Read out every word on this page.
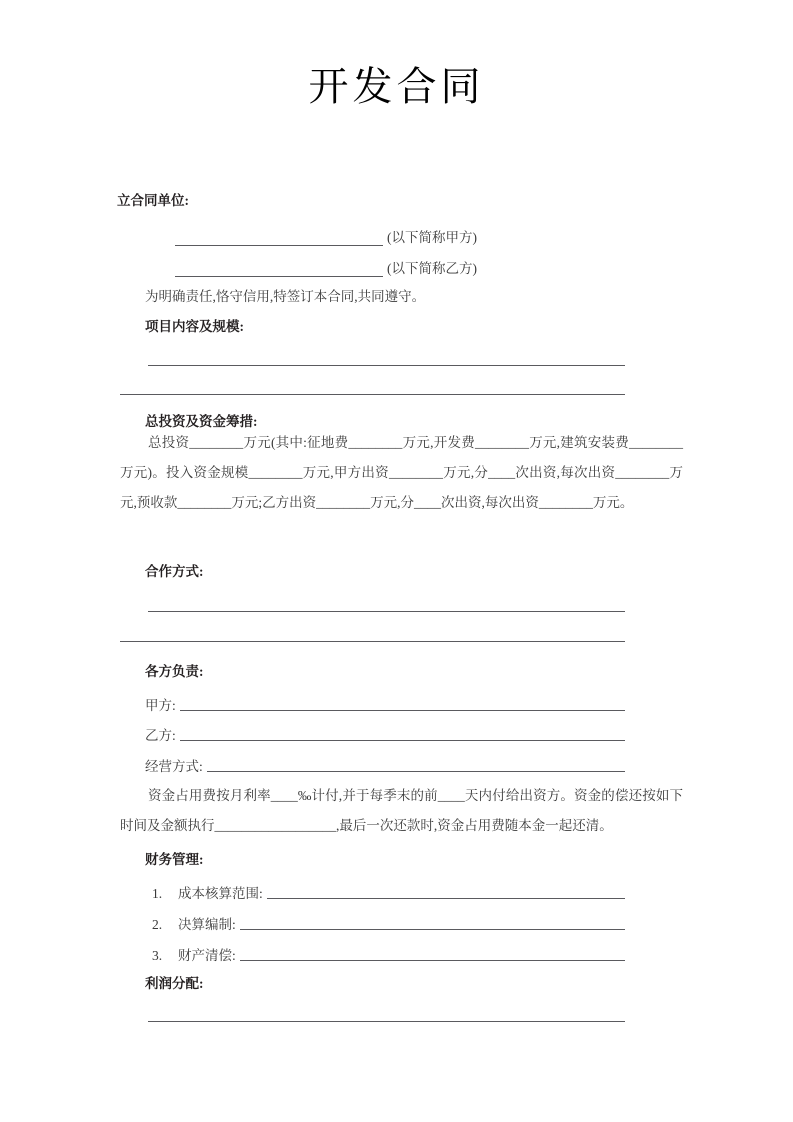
开发合同
立合同单位:
(以下简称甲方)
(以下简称乙方)
为明确责任,恪守信用,特签订本合同,共同遵守。
项目内容及规模:
总投资及资金筹措:
总投资________万元(其中:征地费________万元,开发费________万元,建筑安装费________万元)。投入资金规模________万元,甲方出资________万元,分____次出资,每次出资________万元,预收款________万元;乙方出资________万元,分____次出资,每次出资________万元。
合作方式:
各方负责:
甲方:
乙方:
经营方式:
资金占用费按月利率____‰计付,并于每季末的前____天内付给出资方。资金的偿还按如下时间及金额执行__________________,最后一次还款时,资金占用费随本金一起还清。
财务管理:
1.	成本核算范围:
2.	决算编制:
3.	财产清偿:
利润分配:
